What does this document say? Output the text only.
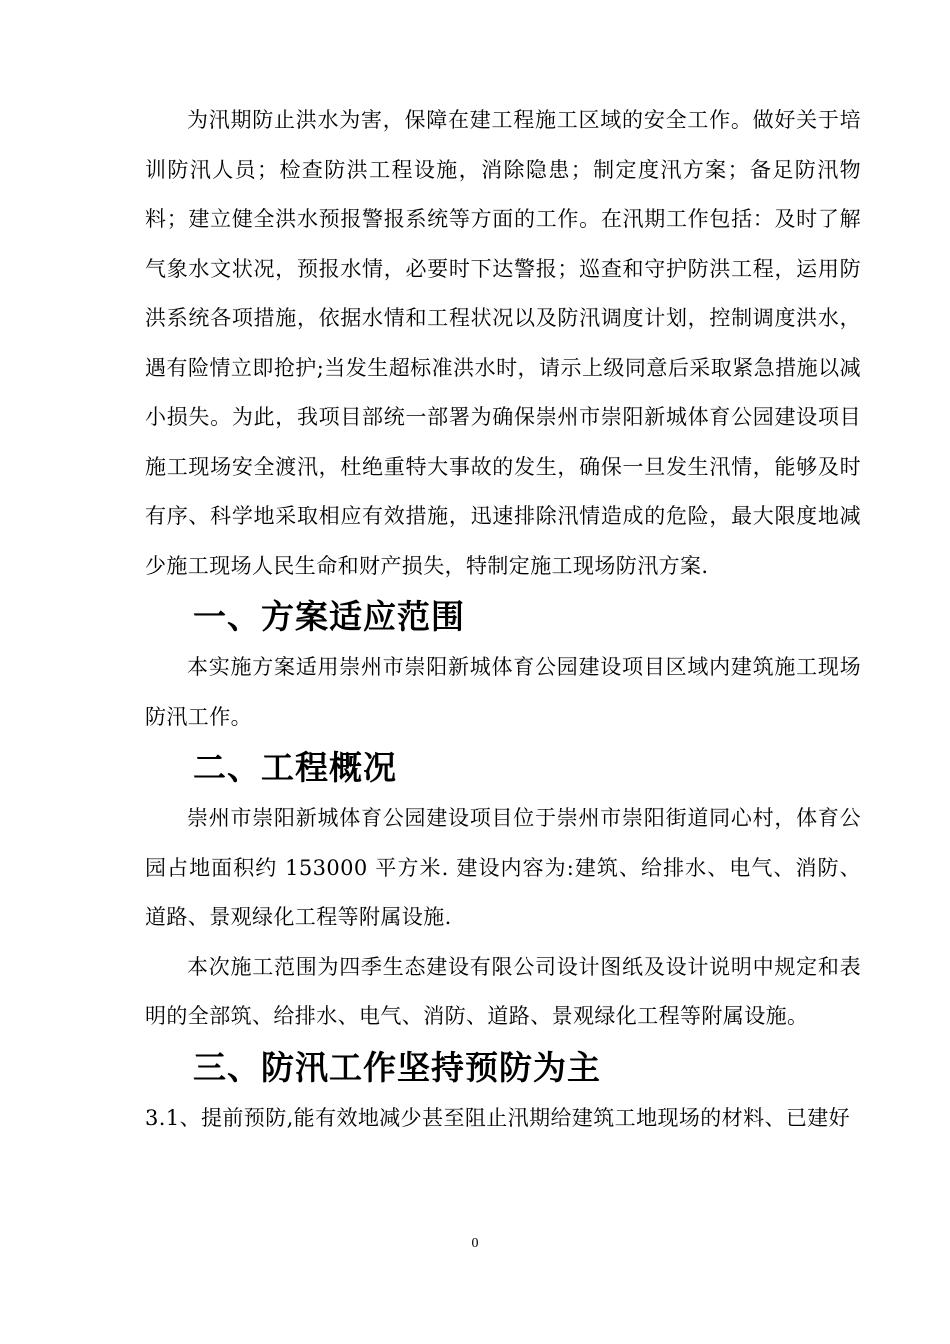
为汛期防止洪水为害，保障在建工程施工区域的安全工作。做好关于培训防汛人员；检查防洪工程设施，消除隐患；制定度汛方案；备足防汛物料；建立健全洪水预报警报系统等方面的工作。在汛期工作包括：及时了解气象水文状况，预报水情，必要时下达警报；巡查和守护防洪工程，运用防洪系统各项措施，依据水情和工程状况以及防汛调度计划，控制调度洪水，遇有险情立即抢护;当发生超标准洪水时，请示上级同意后采取紧急措施以减小损失。为此，我项目部统一部署为确保崇州市崇阳新城体育公园建设项目施工现场安全渡汛，杜绝重特大事故的发生，确保一旦发生汛情，能够及时有序、科学地采取相应有效措施，迅速排除汛情造成的危险，最大限度地减少施工现场人民生命和财产损失，特制定施工现场防汛方案.

一、方案适应范围

本实施方案适用崇州市崇阳新城体育公园建设项目区域内建筑施工现场防汛工作。

二、工程概况

崇州市崇阳新城体育公园建设项目位于崇州市崇阳街道同心村，体育公园占地面积约 153000 平方米. 建设内容为:建筑、给排水、电气、消防、道路、景观绿化工程等附属设施.

本次施工范围为四季生态建设有限公司设计图纸及设计说明中规定和表明的全部筑、给排水、电气、消防、道路、景观绿化工程等附属设施。

三、防汛工作坚持预防为主

3.1、提前预防,能有效地减少甚至阻止汛期给建筑工地现场的材料、已建好

0
